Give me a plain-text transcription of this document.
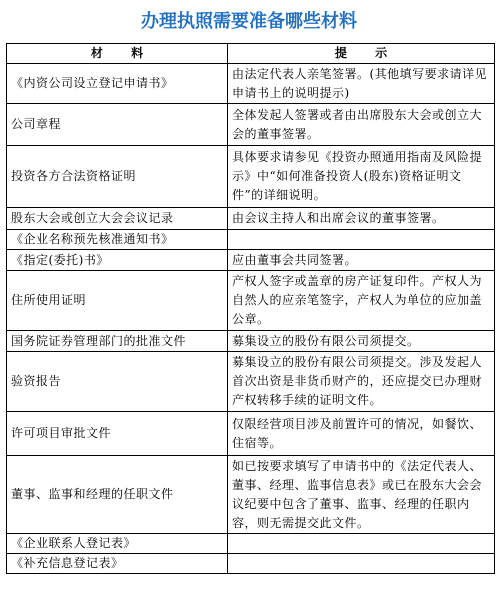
办理执照需要准备哪些材料
材 料	提 示
《内资公司设立登记申请书》	由法定代表人亲笔签署。(其他填写要求请详见申请书上的说明提示)
公司章程	全体发起人签署或者由出席股东大会或创立大会的董事签署。
投资各方合法资格证明	具体要求请参见《投资办照通用指南及风险提示》中“如何准备投资人(股东)资格证明文件”的详细说明。
股东大会或创立大会会议记录	由会议主持人和出席会议的董事签署。
《企业名称预先核准通知书》	
《指定(委托)书》	应由董事会共同签署。
住所使用证明	产权人签字或盖章的房产证复印件。产权人为自然人的应亲笔签字，产权人为单位的应加盖公章。
国务院证券管理部门的批准文件	募集设立的股份有限公司须提交。
验资报告	募集设立的股份有限公司须提交。涉及发起人首次出资是非货币财产的，还应提交已办理财产权转移手续的证明文件。
许可项目审批文件	仅限经营项目涉及前置许可的情况，如餐饮、住宿等。
董事、监事和经理的任职文件	如已按要求填写了申请书中的《法定代表人、董事、经理、监事信息表》或已在股东大会会议纪要中包含了董事、监事、经理的任职内容，则无需提交此文件。
《企业联系人登记表》	
《补充信息登记表》	
